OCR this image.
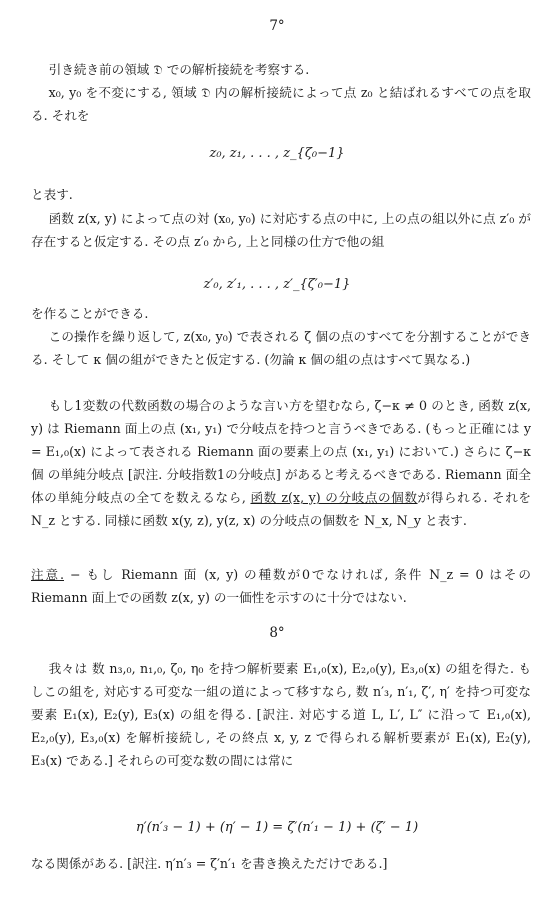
7°
引き続き前の領域 𝔇 での解析接続を考察する.
x₀, y₀ を不変にする, 領域 𝔇 内の解析接続によって点 z₀ と結ばれるすべての点を取る. それを
z₀, z₁, . . . , z_{ζ₀−1}
と表す.
函数 z(x, y) によって点の対 (x₀, y₀) に対応する点の中に, 上の点の組以外に点 z′₀ が存在すると仮定する. その点 z′₀ から, 上と同様の仕方で他の組
z′₀, z′₁, . . . , z′_{ζ′₀−1}
を作ることができる.
この操作を繰り返して, z(x₀, y₀) で表される ζ 個の点のすべてを分割することができる. そして κ 個の組ができたと仮定する. (勿論 κ 個の組の点はすべて異なる.)
もし1変数の代数函数の場合のような言い方を望むなら, ζ−κ ≠ 0 のとき, 函数 z(x, y) は Riemann 面上の点 (x₁, y₁) で分岐点を持つと言うべきである. (もっと正確には y = E₁,₀(x) によって表される Riemann 面の要素上の点 (x₁, y₁) において.) さらに ζ−κ 個 の単純分岐点 [訳注. 分岐指数1の分岐点] があると考えるべきである. Riemann 面全体の単純分岐点の全てを数えるなら, 函数 z(x, y) の分岐点の個数が得られる. それを N_z とする. 同様に函数 x(y, z), y(z, x) の分岐点の個数を N_x, N_y と表す.
注意. − もし Riemann 面 (x, y) の種数が0でなければ, 条件 N_z = 0 はその Riemann 面上での函数 z(x, y) の一価性を示すのに十分ではない.
8°
我々は 数 n₃,₀, n₁,₀, ζ₀, η₀ を持つ解析要素 E₁,₀(x), E₂,₀(y), E₃,₀(x) の組を得た. もしこの組を, 対応する可変な一組の道によって移すなら, 数 n′₃, n′₁, ζ′, η′ を持つ可変な要素 E₁(x), E₂(y), E₃(x) の組を得る. [訳注. 対応する道 L, L′, L″ に沿って E₁,₀(x), E₂,₀(y), E₃,₀(x) を解析接続し, その終点 x, y, z で得られる解析要素が E₁(x), E₂(y), E₃(x) である.] それらの可変な数の間には常に
η′(n′₃ − 1) + (η′ − 1) = ζ′(n′₁ − 1) + (ζ′ − 1)
なる関係がある. [訳注. η′n′₃ = ζ′n′₁ を書き換えただけである.]
